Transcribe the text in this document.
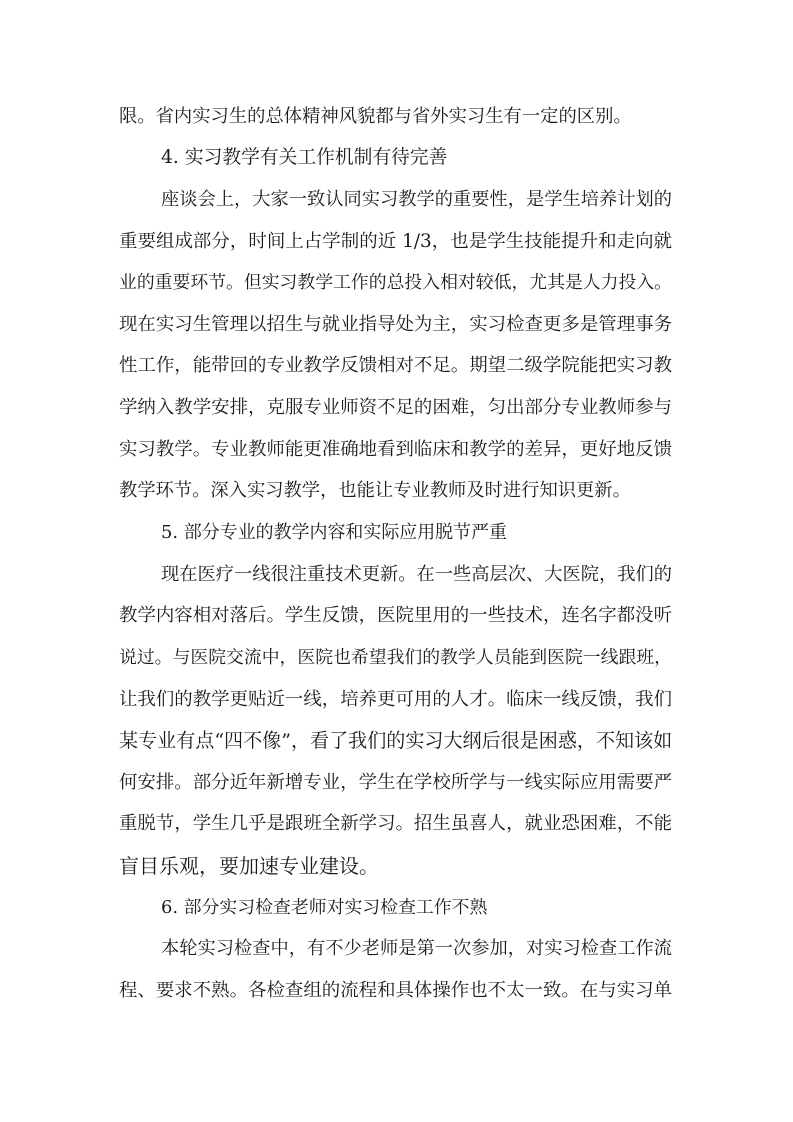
限。省内实习生的总体精神风貌都与省外实习生有一定的区别。
4. 实习教学有关工作机制有待完善
座谈会上，大家一致认同实习教学的重要性，是学生培养计划的
重要组成部分，时间上占学制的近 1/3，也是学生技能提升和走向就
业的重要环节。但实习教学工作的总投入相对较低，尤其是人力投入。
现在实习生管理以招生与就业指导处为主，实习检查更多是管理事务
性工作，能带回的专业教学反馈相对不足。期望二级学院能把实习教
学纳入教学安排，克服专业师资不足的困难，匀出部分专业教师参与
实习教学。专业教师能更准确地看到临床和教学的差异，更好地反馈
教学环节。深入实习教学，也能让专业教师及时进行知识更新。
5. 部分专业的教学内容和实际应用脱节严重
现在医疗一线很注重技术更新。在一些高层次、大医院，我们的
教学内容相对落后。学生反馈，医院里用的一些技术，连名字都没听
说过。与医院交流中，医院也希望我们的教学人员能到医院一线跟班，
让我们的教学更贴近一线，培养更可用的人才。临床一线反馈，我们
某专业有点“四不像”，看了我们的实习大纲后很是困惑，不知该如
何安排。部分近年新增专业，学生在学校所学与一线实际应用需要严
重脱节，学生几乎是跟班全新学习。招生虽喜人，就业恐困难，不能
盲目乐观，要加速专业建设。
6. 部分实习检查老师对实习检查工作不熟
本轮实习检查中，有不少老师是第一次参加，对实习检查工作流
程、要求不熟。各检查组的流程和具体操作也不太一致。在与实习单
